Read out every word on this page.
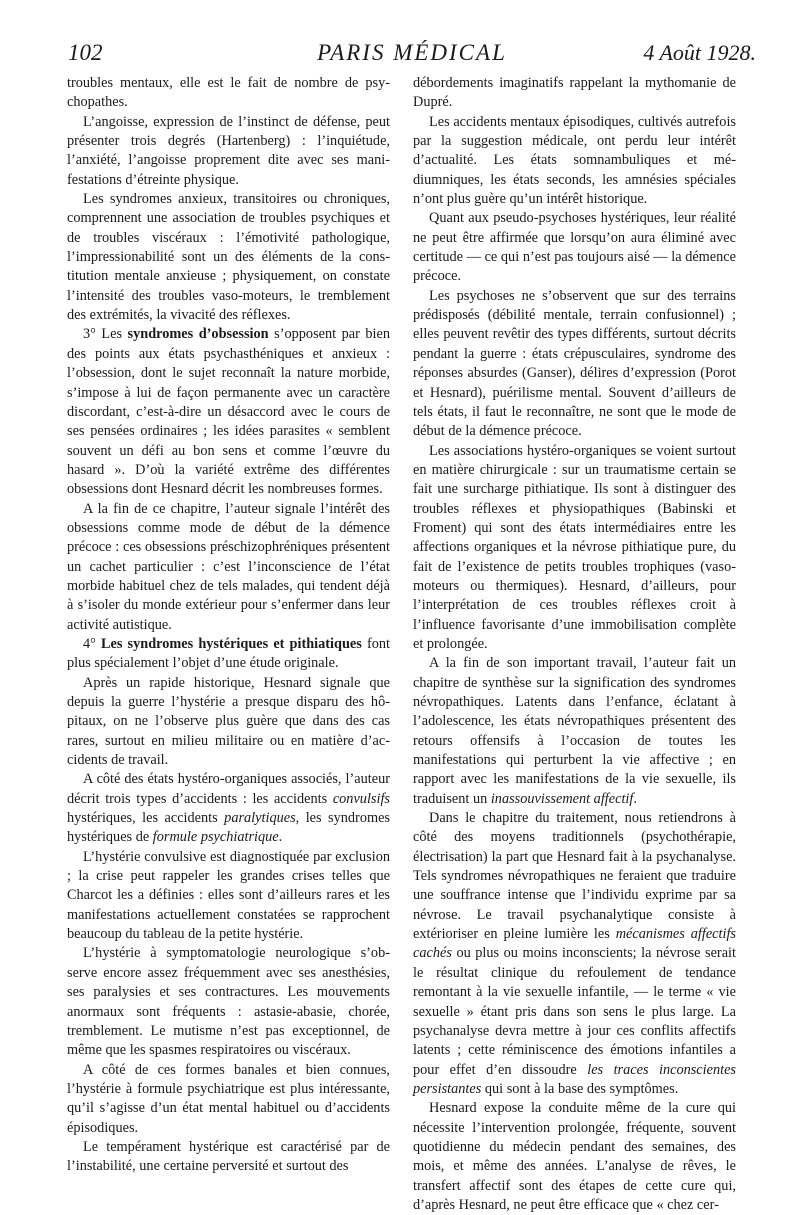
102	PARIS MÉDICAL	4 Août 1928.

troubles mentaux, elle est le fait de nombre de psychopathes.

L’angoisse, expression de l’instinct de défense, peut présenter trois degrés (Hartenberg) : l’inquiétude, l’anxiété, l’angoisse proprement dite avec ses manifestations d’étreinte physique.

Les syndromes anxieux, transitoires ou chroniques, comprennent une association de troubles psychiques et de troubles viscéraux : l’émotivité pathologique, l’impressionabilité sont un des éléments de la constitution mentale anxieuse ; physiquement, on constate l’intensité des troubles vaso-moteurs, le tremblement des extrémités, la vivacité des réflexes.

3° Les syndromes d’obsession s’opposent par bien des points aux états psychasthéniques et anxieux : l’obsession, dont le sujet reconnaît la nature morbide, s’impose à lui de façon permanente avec un caractère discordant, c’est-à-dire un désaccord avec le cours de ses pensées ordinaires ; les idées parasites « semblent souvent un défi au bon sens et comme l’œuvre du hasard ». D’où la variété extrême des différentes obsessions dont Hesnard décrit les nombreuses formes.

A la fin de ce chapitre, l’auteur signale l’intérêt des obsessions comme mode de début de la démence précoce : ces obsessions préschizophréniques présentent un cachet particulier : c’est l’inconscience de l’état morbide habituel chez de tels malades, qui tendent déjà à s’isoler du monde extérieur pour s’enfermer dans leur activité autistique.

4° Les syndromes hystériques et pithiatiques font plus spécialement l’objet d’une étude originale.

Après un rapide historique, Hesnard signale que depuis la guerre l’hystérie a presque disparu des hôpitaux, on ne l’observe plus guère que dans des cas rares, surtout en milieu militaire ou en matière d’accidents de travail.

A côté des états hystéro-organiques associés, l’auteur décrit trois types d’accidents : les accidents convulsifs hystériques, les accidents paralytiques, les syndromes hystériques de formule psychiatrique.

L’hystérie convulsive est diagnostiquée par exclusion ; la crise peut rappeler les grandes crises telles que Charcot les a définies : elles sont d’ailleurs rares et les manifestations actuellement constatées se rapprochent beaucoup du tableau de la petite hystérie.

L’hystérie à symptomatologie neurologique s’observe encore assez fréquemment avec ses anesthésies, ses paralysies et ses contractures. Les mouvements anormaux sont fréquents : astasie-abasie, chorée, tremblement. Le mutisme n’est pas exceptionnel, de même que les spasmes respiratoires ou viscéraux.

A côté de ces formes banales et bien connues, l’hystérie à formule psychiatrique est plus intéressante, qu’il s’agisse d’un état mental habituel ou d’accidents épisodiques.

Le tempérament hystérique est caractérisé par de l’instabilité, une certaine perversité et surtout des

débordements imaginatifs rappelant la mythomanie de Dupré.

Les accidents mentaux épisodiques, cultivés autrefois par la suggestion médicale, ont perdu leur intérêt d’actualité. Les états somnambuliques et médiumniques, les états seconds, les amnésies spéciales n’ont plus guère qu’un intérêt historique.

Quant aux pseudo-psychoses hystériques, leur réalité ne peut être affirmée que lorsqu’on aura éliminé avec certitude — ce qui n’est pas toujours aisé — la démence précoce.

Les psychoses ne s’observent que sur des terrains prédisposés (débilité mentale, terrain confusionnel) ; elles peuvent revêtir des types différents, surtout décrits pendant la guerre : états crépusculaires, syndrome des réponses absurdes (Ganser), délires d’expression (Porot et Hesnard), puérilisme mental. Souvent d’ailleurs de tels états, il faut le reconnaître, ne sont que le mode de début de la démence précoce.

Les associations hystéro-organiques se voient surtout en matière chirurgicale : sur un traumatisme certain se fait une surcharge pithiatique. Ils sont à distinguer des troubles réflexes et physiopathiques (Babinski et Froment) qui sont des états intermédiaires entre les affections organiques et la névrose pithiatique pure, du fait de l’existence de petits troubles trophiques (vaso-moteurs ou thermiques). Hesnard, d’ailleurs, pour l’interprétation de ces troubles réflexes croit à l’influence favorisante d’une immobilisation complète et prolongée.

A la fin de son important travail, l’auteur fait un chapitre de synthèse sur la signification des syndromes névropathiques. Latents dans l’enfance, éclatant à l’adolescence, les états névropathiques présentent des retours offensifs à l’occasion de toutes les manifestations qui perturbent la vie affective ; en rapport avec les manifestations de la vie sexuelle, ils traduisent un inassouvissement affectif.

Dans le chapitre du traitement, nous retiendrons à côté des moyens traditionnels (psychothérapie, électrisation) la part que Hesnard fait à la psychanalyse. Tels syndromes névropathiques ne feraient que traduire une souffrance intense que l’individu exprime par sa névrose. Le travail psychanalytique consiste à extérioriser en pleine lumière les mécanismes affectifs cachés ou plus ou moins inconscients; la névrose serait le résultat clinique du refoulement de tendance remontant à la vie sexuelle infantile, — le terme « vie sexuelle » étant pris dans son sens le plus large. La psychanalyse devra mettre à jour ces conflits affectifs latents ; cette réminiscence des émotions infantiles a pour effet d’en dissoudre les traces inconscientes persistantes qui sont à la base des symptômes.

Hesnard expose la conduite même de la cure qui nécessite l’intervention prolongée, fréquente, souvent quotidienne du médecin pendant des semaines, des mois, et même des années. L’analyse de rêves, le transfert affectif sont des étapes de cette cure qui, d’après Hesnard, ne peut être efficace que « chez cer-
